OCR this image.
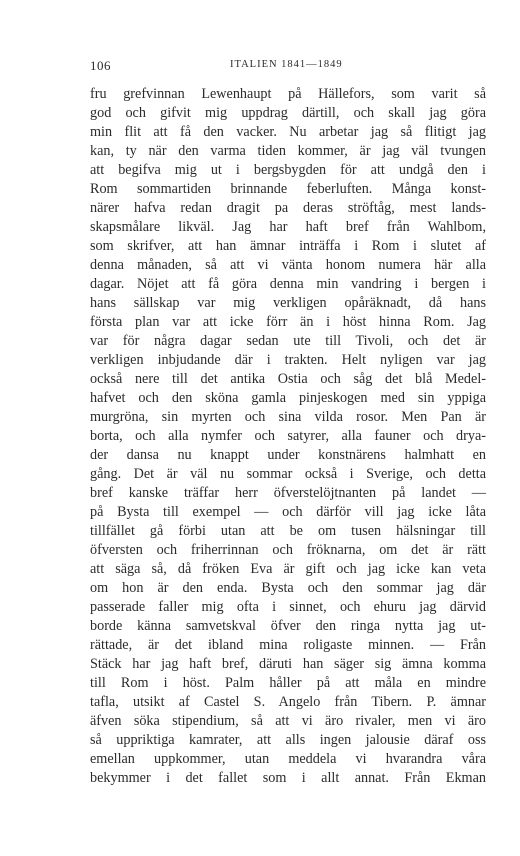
106	ITALIEN 1841—1849
fru grefvinnan Lewenhaupt på Hällefors, som varit så
god och gifvit mig uppdrag därtill, och skall jag göra
min flit att få den vacker. Nu arbetar jag så flitigt jag
kan, ty när den varma tiden kommer, är jag väl tvungen
att begifva mig ut i bergsbygden för att undgå den i
Rom sommartiden brinnande feberluften. Många konst-
närer hafva redan dragit pa deras ströftåg, mest lands-
skapsmålare likväl. Jag har haft bref från Wahlbom,
som skrifver, att han ämnar inträffa i Rom i slutet af
denna månaden, så att vi vänta honom numera här alla
dagar. Nöjet att få göra denna min vandring i bergen i
hans sällskap var mig verkligen opåräknadt, då hans
första plan var att icke förr än i höst hinna Rom. Jag
var för några dagar sedan ute till Tivoli, och det är
verkligen inbjudande där i trakten. Helt nyligen var jag
också nere till det antika Ostia och såg det blå Medel-
hafvet och den sköna gamla pinjeskogen med sin yppiga
murgröna, sin myrten och sina vilda rosor. Men Pan är
borta, och alla nymfer och satyrer, alla fauner och drya-
der dansa nu knappt under konstnärens halmhatt en
gång. Det är väl nu sommar också i Sverige, och detta
bref kanske träffar herr öfverstelöjtnanten på landet —
på Bysta till exempel — och därför vill jag icke låta
tillfället gå förbi utan att be om tusen hälsningar till
öfversten och friherrinnan och fröknarna, om det är rätt
att säga så, då fröken Eva är gift och jag icke kan veta
om hon är den enda. Bysta och den sommar jag där
passerade faller mig ofta i sinnet, och ehuru jag därvid
borde känna samvetskval öfver den ringa nytta jag ut-
rättade, är det ibland mina roligaste minnen. — Från
Stäck har jag haft bref, däruti han säger sig ämna komma
till Rom i höst. Palm håller på att måla en mindre
tafla, utsikt af Castel S. Angelo från Tibern. P. ämnar
äfven söka stipendium, så att vi äro rivaler, men vi äro
så uppriktiga kamrater, att alls ingen jalousie däraf oss
emellan uppkommer, utan meddela vi hvarandra våra
bekymmer i det fallet som i allt annat. Från Ekman
